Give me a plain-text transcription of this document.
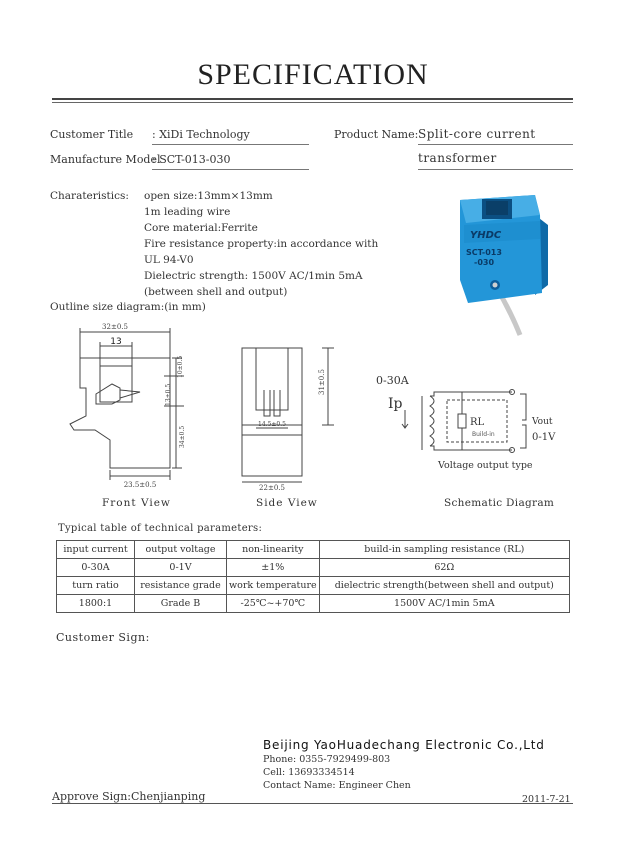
SPECIFICATION
Customer Title : XiDi Technology	Product Name: Split-core current
Manufacture Model
: SCT-013-030	transformer
Charateristics: open size:13mm×13mm
1m leading wire
Core material:Ferrite
Fire resistance property:in accordance with
UL 94-V0
Dielectric strength: 1500V AC/1min 5mA
(between shell and output)
Outline size diagram:(in mm)
YHDC
SCT-013
-030
32±0.5
13
10±0.5
13±0.5
34±0.5
23.5±0.5
31±0.5
14.5±0.5
22±0.5
0-30A
Ip
RL
Build-in
Vout
0-1V
Voltage output type
Front View	Side View	Schematic Diagram
Typical table of technical parameters:
input current	output voltage	non-linearity	build-in sampling resistance (RL)
0-30A	0-1V	±1%	62Ω
turn ratio	resistance grade	work temperature	dielectric strength(between shell and output)
1800:1	Grade B	-25℃~+70℃	1500V AC/1min 5mA
Customer Sign:
Beijing YaoHuadechang Electronic Co.,Ltd
Phone: 0355-7929499-803
Cell: 13693334514
Contact Name: Engineer Chen
Approve Sign:Chenjianping	2011-7-21
